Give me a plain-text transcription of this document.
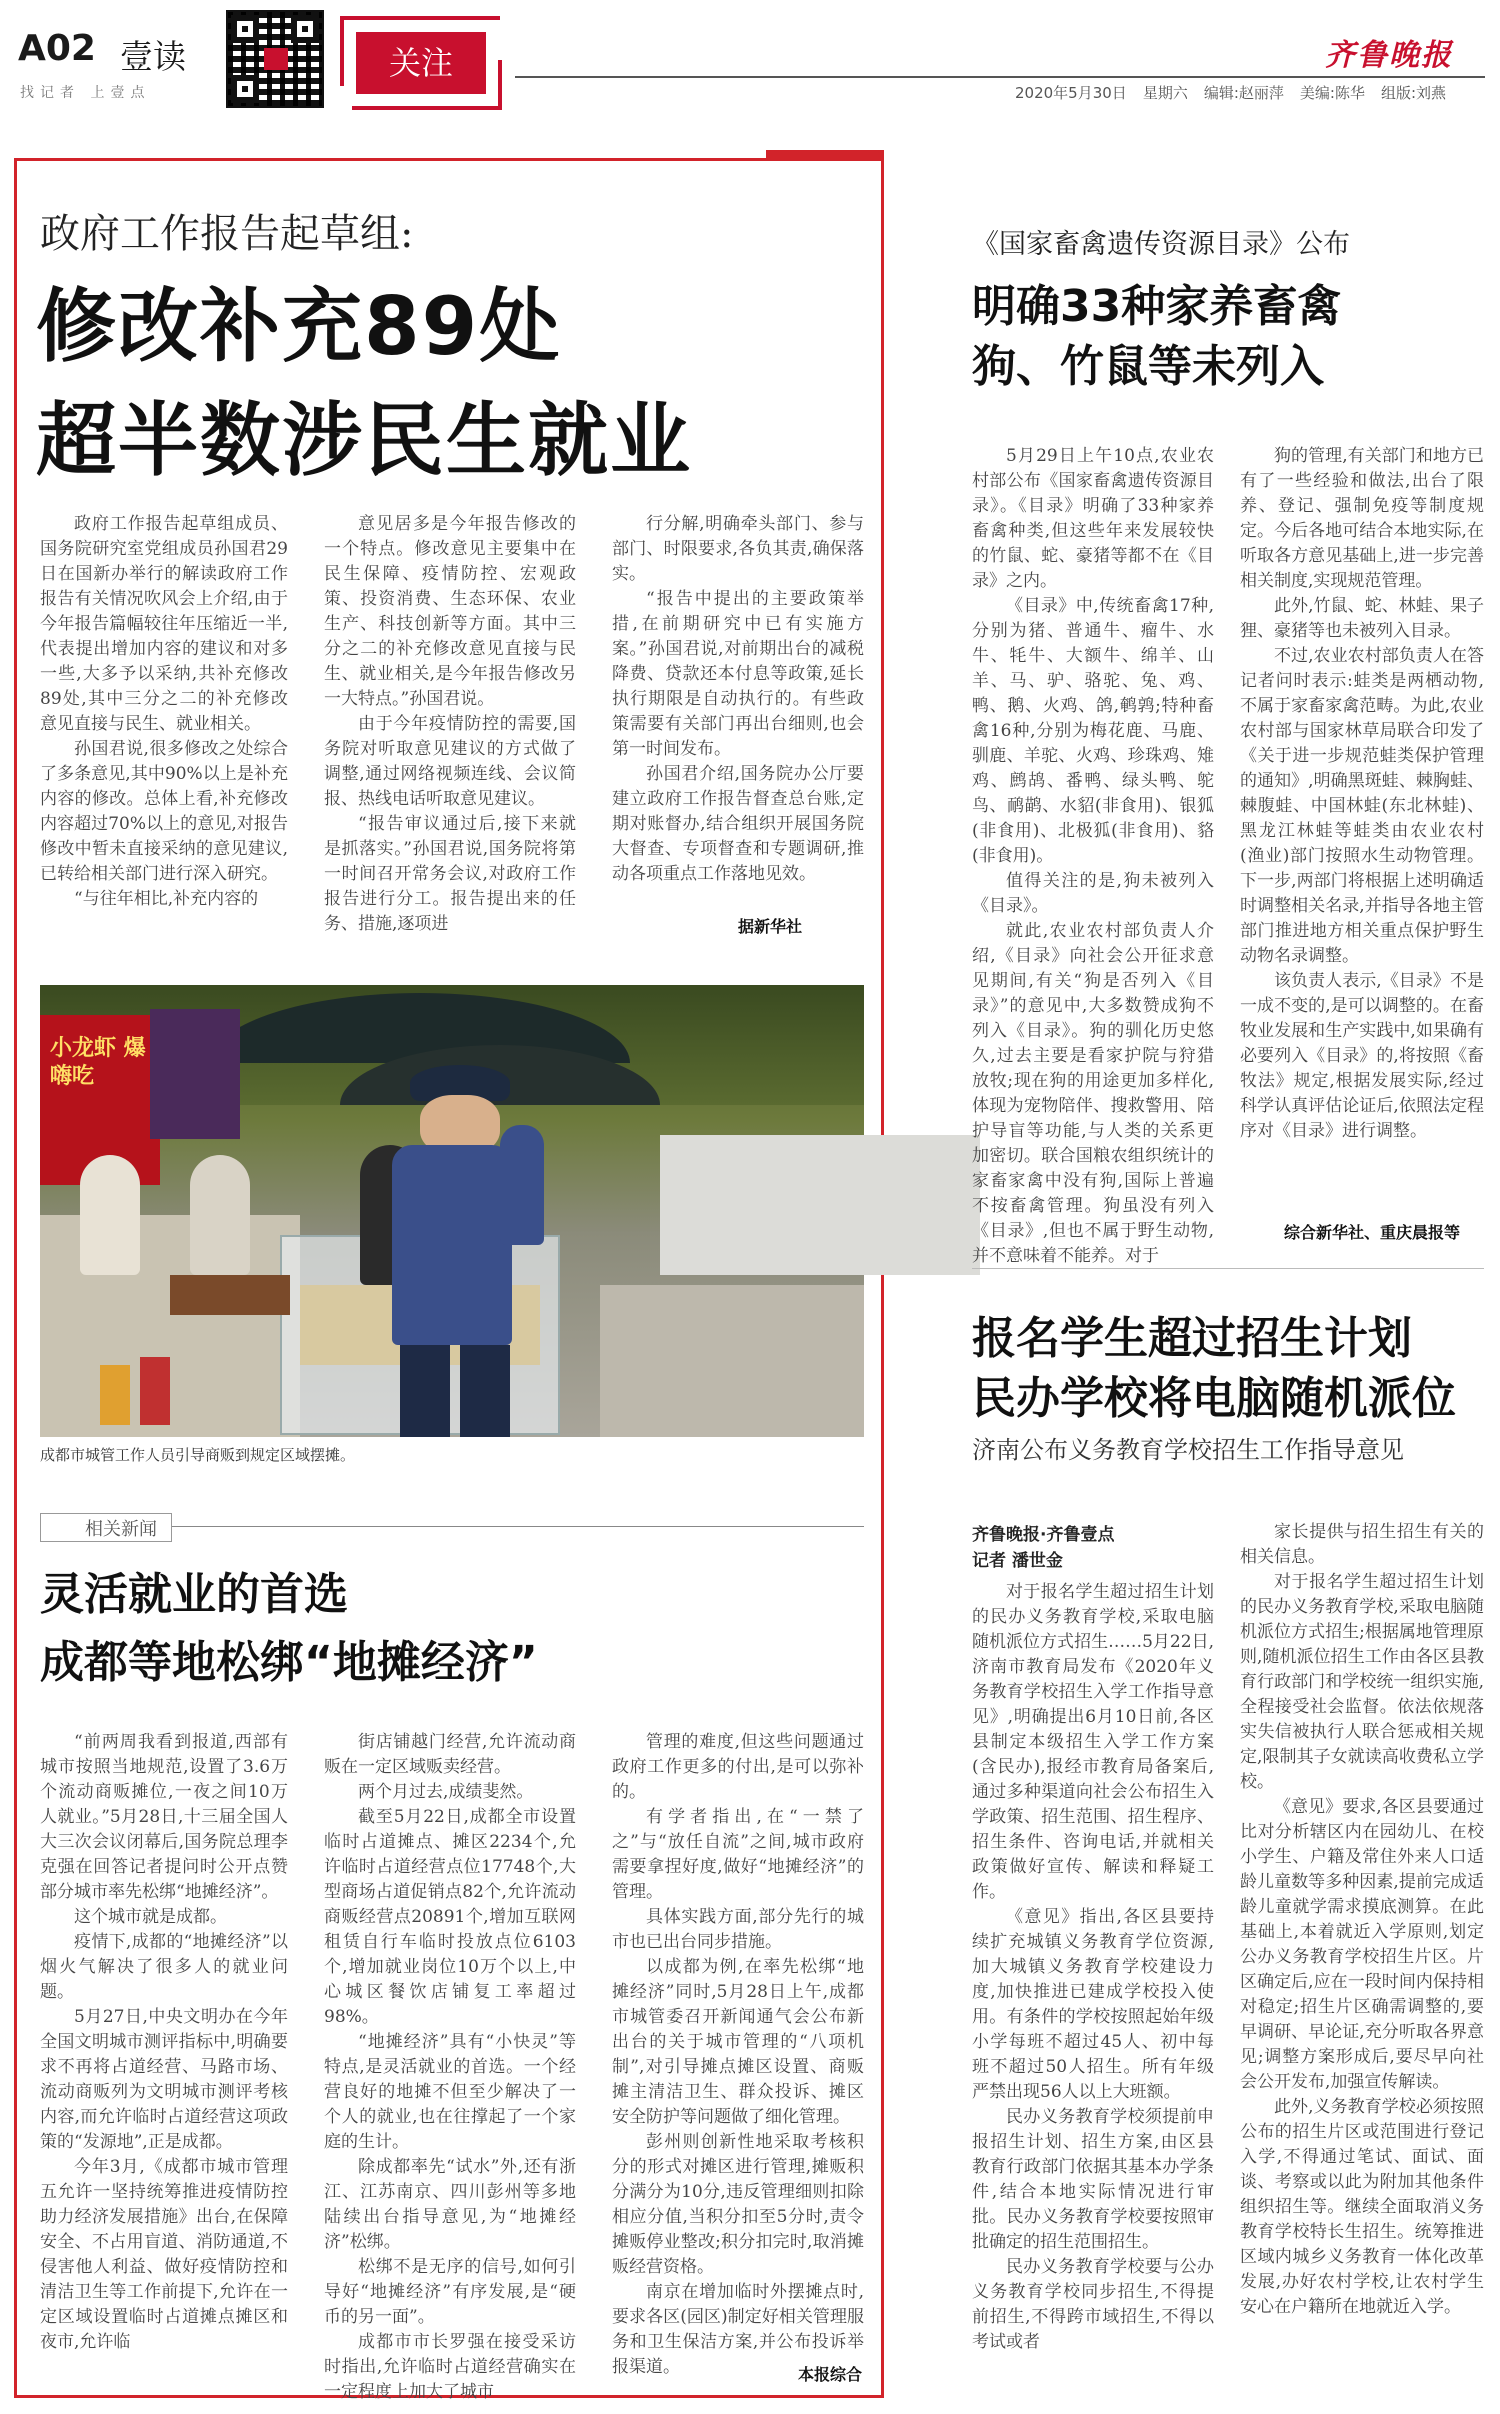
A02 壹读
找记者 上壹点
关注	齐鲁晚报
2020年5月30日 星期六 编辑:赵丽萍 美编:陈华 组版:刘燕
政府工作报告起草组:
修改补充89处
超半数涉民生就业

政府工作报告起草组成员、国务院研究室党组成员孙国君29日在国新办举行的解读政府工作报告有关情况吹风会上介绍,由于今年报告篇幅较往年压缩近一半,代表提出增加内容的建议和对多一些,大多予以采纳,共补充修改89处,其中三分之二的补充修改意见直接与民生、就业相关。

孙国君说,很多修改之处综合了多条意见,其中90%以上是补充内容的修改。总体上看,补充修改内容超过70%以上的意见,对报告修改中暂未直接采纳的意见建议,已转给相关部门进行深入研究。

“与往年相比,补充内容的

意见居多是今年报告修改的一个特点。修改意见主要集中在民生保障、疫情防控、宏观政策、投资消费、生态环保、农业生产、科技创新等方面。其中三分之二的补充修改意见直接与民生、就业相关,是今年报告修改另一大特点。”孙国君说。

由于今年疫情防控的需要,国务院对听取意见建议的方式做了调整,通过网络视频连线、会议简报、热线电话听取意见建议。

“报告审议通过后,接下来就是抓落实。”孙国君说,国务院将第一时间召开常务会议,对政府工作报告进行分工。报告提出来的任务、措施,逐项进

行分解,明确牵头部门、参与部门、时限要求,各负其责,确保落实。

“报告中提出的主要政策举措,在前期研究中已有实施方案。”孙国君说,对前期出台的减税降费、贷款还本付息等政策,延长执行期限是自动执行的。有些政策需要有关部门再出台细则,也会第一时间发布。

孙国君介绍,国务院办公厅要建立政府工作报告督查总台账,定期对账督办,结合组织开展国务院大督查、专项督查和专题调研,推动各项重点工作落地见效。

据新华社
小龙虾 爆嗨吃
成都市城管工作人员引导商贩到规定区域摆摊。
相关新闻
灵活就业的首选
成都等地松绑“地摊经济”

“前两周我看到报道,西部有城市按照当地规范,设置了3.6万个流动商贩摊位,一夜之间10万人就业。”5月28日,十三届全国人大三次会议闭幕后,国务院总理李克强在回答记者提问时公开点赞部分城市率先松绑“地摊经济”。

这个城市就是成都。

疫情下,成都的“地摊经济”以烟火气解决了很多人的就业问题。

5月27日,中央文明办在今年全国文明城市测评指标中,明确要求不再将占道经营、马路市场、流动商贩列为文明城市测评考核内容,而允许临时占道经营这项政策的“发源地”,正是成都。

今年3月,《成都市城市管理五允许一坚持统筹推进疫情防控助力经济发展措施》出台,在保障安全、不占用盲道、消防通道,不侵害他人利益、做好疫情防控和清洁卫生等工作前提下,允许在一定区域设置临时占道摊点摊区和夜市,允许临

街店铺越门经营,允许流动商贩在一定区域贩卖经营。

两个月过去,成绩斐然。

截至5月22日,成都全市设置临时占道摊点、摊区2234个,允许临时占道经营点位17748个,大型商场占道促销点82个,允许流动商贩经营点20891个,增加互联网租赁自行车临时投放点位6103个,增加就业岗位10万个以上,中心城区餐饮店铺复工率超过98%。

“地摊经济”具有“小快灵”等特点,是灵活就业的首选。一个经营良好的地摊不但至少解决了一个人的就业,也在往撑起了一个家庭的生计。

除成都率先“试水”外,还有浙江、江苏南京、四川彭州等多地陆续出台指导意见,为“地摊经济”松绑。

松绑不是无序的信号,如何引导好“地摊经济”有序发展,是“硬币的另一面”。

成都市市长罗强在接受采访时指出,允许临时占道经营确实在一定程度上加大了城市

管理的难度,但这些问题通过政府工作更多的付出,是可以弥补的。

有学者指出,在“一禁了之”与“放任自流”之间,城市政府需要拿捏好度,做好“地摊经济”的管理。

具体实践方面,部分先行的城市也已出台同步措施。

以成都为例,在率先松绑“地摊经济”同时,5月28日上午,成都市城管委召开新闻通气会公布新出台的关于城市管理的“八项机制”,对引导摊点摊区设置、商贩摊主清洁卫生、群众投诉、摊区安全防护等问题做了细化管理。

彭州则创新性地采取考核积分的形式对摊区进行管理,摊贩积分满分为10分,违反管理细则扣除相应分值,当积分扣至5分时,责令摊贩停业整改;积分扣完时,取消摊贩经营资格。

南京在增加临时外摆摊点时,要求各区(园区)制定好相关管理服务和卫生保洁方案,并公布投诉举报渠道。	本报综合
《国家畜禽遗传资源目录》公布
明确33种家养畜禽
狗、竹鼠等未列入

5月29日上午10点,农业农村部公布《国家畜禽遗传资源目录》。《目录》明确了33种家养畜禽种类,但这些年来发展较快的竹鼠、蛇、豪猪等都不在《目录》之内。

《目录》中,传统畜禽17种,分别为猪、普通牛、瘤牛、水牛、牦牛、大额牛、绵羊、山羊、马、驴、骆驼、兔、鸡、鸭、鹅、火鸡、鸽,鹌鹑;特种畜禽16种,分别为梅花鹿、马鹿、驯鹿、羊驼、火鸡、珍珠鸡、雉鸡、鹧鸪、番鸭、绿头鸭、鸵鸟、鸸鹋、水貂(非食用)、银狐(非食用)、北极狐(非食用)、貉(非食用)。

值得关注的是,狗未被列入《目录》。

就此,农业农村部负责人介绍,《目录》向社会公开征求意见期间,有关“狗是否列入《目录》”的意见中,大多数赞成狗不列入《目录》。狗的驯化历史悠久,过去主要是看家护院与狩猎放牧;现在狗的用途更加多样化,体现为宠物陪伴、搜救警用、陪护导盲等功能,与人类的关系更加密切。联合国粮农组织统计的家畜家禽中没有狗,国际上普遍不按畜禽管理。狗虽没有列入《目录》,但也不属于野生动物,并不意味着不能养。对于

狗的管理,有关部门和地方已有了一些经验和做法,出台了限养、登记、强制免疫等制度规定。今后各地可结合本地实际,在听取各方意见基础上,进一步完善相关制度,实现规范管理。

此外,竹鼠、蛇、林蛙、果子狸、豪猪等也未被列入目录。

不过,农业农村部负责人在答记者问时表示:蛙类是两栖动物,不属于家畜家禽范畴。为此,农业农村部与国家林草局联合印发了《关于进一步规范蛙类保护管理的通知》,明确黑斑蛙、棘胸蛙、棘腹蛙、中国林蛙(东北林蛙)、黑龙江林蛙等蛙类由农业农村(渔业)部门按照水生动物管理。下一步,两部门将根据上述明确适时调整相关名录,并指导各地主管部门推进地方相关重点保护野生动物名录调整。

该负责人表示,《目录》不是一成不变的,是可以调整的。在畜牧业发展和生产实践中,如果确有必要列入《目录》的,将按照《畜牧法》规定,根据发展实际,经过科学认真评估论证后,依照法定程序对《目录》进行调整。

综合新华社、重庆晨报等
报名学生超过招生计划
民办学校将电脑随机派位
济南公布义务教育学校招生工作指导意见
齐鲁晚报·齐鲁壹点
记者 潘世金

对于报名学生超过招生计划的民办义务教育学校,采取电脑随机派位方式招生……5月22日,济南市教育局发布《2020年义务教育学校招生入学工作指导意见》,明确提出6月10日前,各区县制定本级招生入学工作方案(含民办),报经市教育局备案后,通过多种渠道向社会公布招生入学政策、招生范围、招生程序、招生条件、咨询电话,并就相关政策做好宣传、解读和释疑工作。

《意见》指出,各区县要持续扩充城镇义务教育学位资源,加大城镇义务教育学校建设力度,加快推进已建成学校投入使用。有条件的学校按照起始年级小学每班不超过45人、初中每班不超过50人招生。所有年级严禁出现56人以上大班额。

民办义务教育学校须提前申报招生计划、招生方案,由区县教育行政部门依据其基本办学条件,结合本地实际情况进行审批。民办义务教育学校要按照审批确定的招生范围招生。

民办义务教育学校要与公办义务教育学校同步招生,不得提前招生,不得跨市域招生,不得以考试或者

家长提供与招生招生有关的相关信息。

对于报名学生超过招生计划的民办义务教育学校,采取电脑随机派位方式招生;根据属地管理原则,随机派位招生工作由各区县教育行政部门和学校统一组织实施,全程接受社会监督。依法依规落实失信被执行人联合惩戒相关规定,限制其子女就读高收费私立学校。

《意见》要求,各区县要通过比对分析辖区内在园幼儿、在校小学生、户籍及常住外来人口适龄儿童数等多种因素,提前完成适龄儿童就学需求摸底测算。在此基础上,本着就近入学原则,划定公办义务教育学校招生片区。片区确定后,应在一段时间内保持相对稳定;招生片区确需调整的,要早调研、早论证,充分听取各界意见;调整方案形成后,要尽早向社会公开发布,加强宣传解读。

此外,义务教育学校必须按照公布的招生片区或范围进行登记入学,不得通过笔试、面试、面谈、考察或以此为附加其他条件组织招生等。继续全面取消义务教育学校特长生招生。统筹推进区域内城乡义务教育一体化改革发展,办好农村学校,让农村学生安心在户籍所在地就近入学。
